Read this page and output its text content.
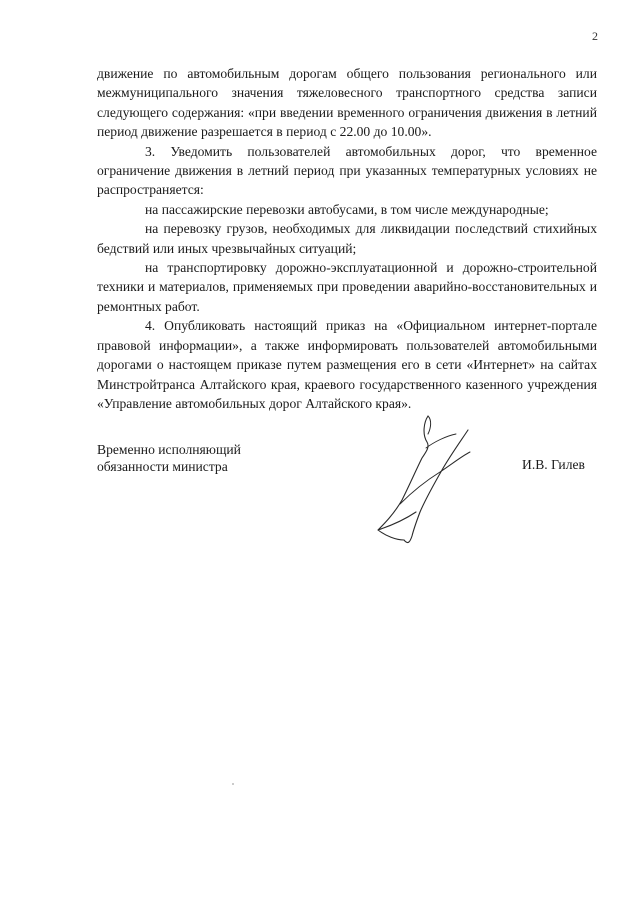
2

движение по автомобильным дорогам общего пользования регионального или межмуниципального значения тяжеловесного транспортного средства записи следующего содержания: «при введении временного ограничения движения в летний период движение разрешается в период с 22.00 до 10.00».

3. Уведомить пользователей автомобильных дорог, что временное ограничение движения в летний период при указанных температурных условиях не распространяется:

на пассажирские перевозки автобусами, в том числе международные;

на перевозку грузов, необходимых для ликвидации последствий стихийных бедствий или иных чрезвычайных ситуаций;

на транспортировку дорожно-эксплуатационной и дорожно-строительной техники и материалов, применяемых при проведении аварийно-восстановительных и ремонтных работ.

4. Опубликовать настоящий приказ на «Официальном интернет-портале правовой информации», а также информировать пользователей автомобильными дорогами о настоящем приказе путем размещения его в сети «Интернет» на сайтах Минстройтранса Алтайского края, краевого государственного казенного учреждения «Управление автомобильных дорог Алтайского края».

Временно исполняющий
обязанности министра	И.В. Гилев
